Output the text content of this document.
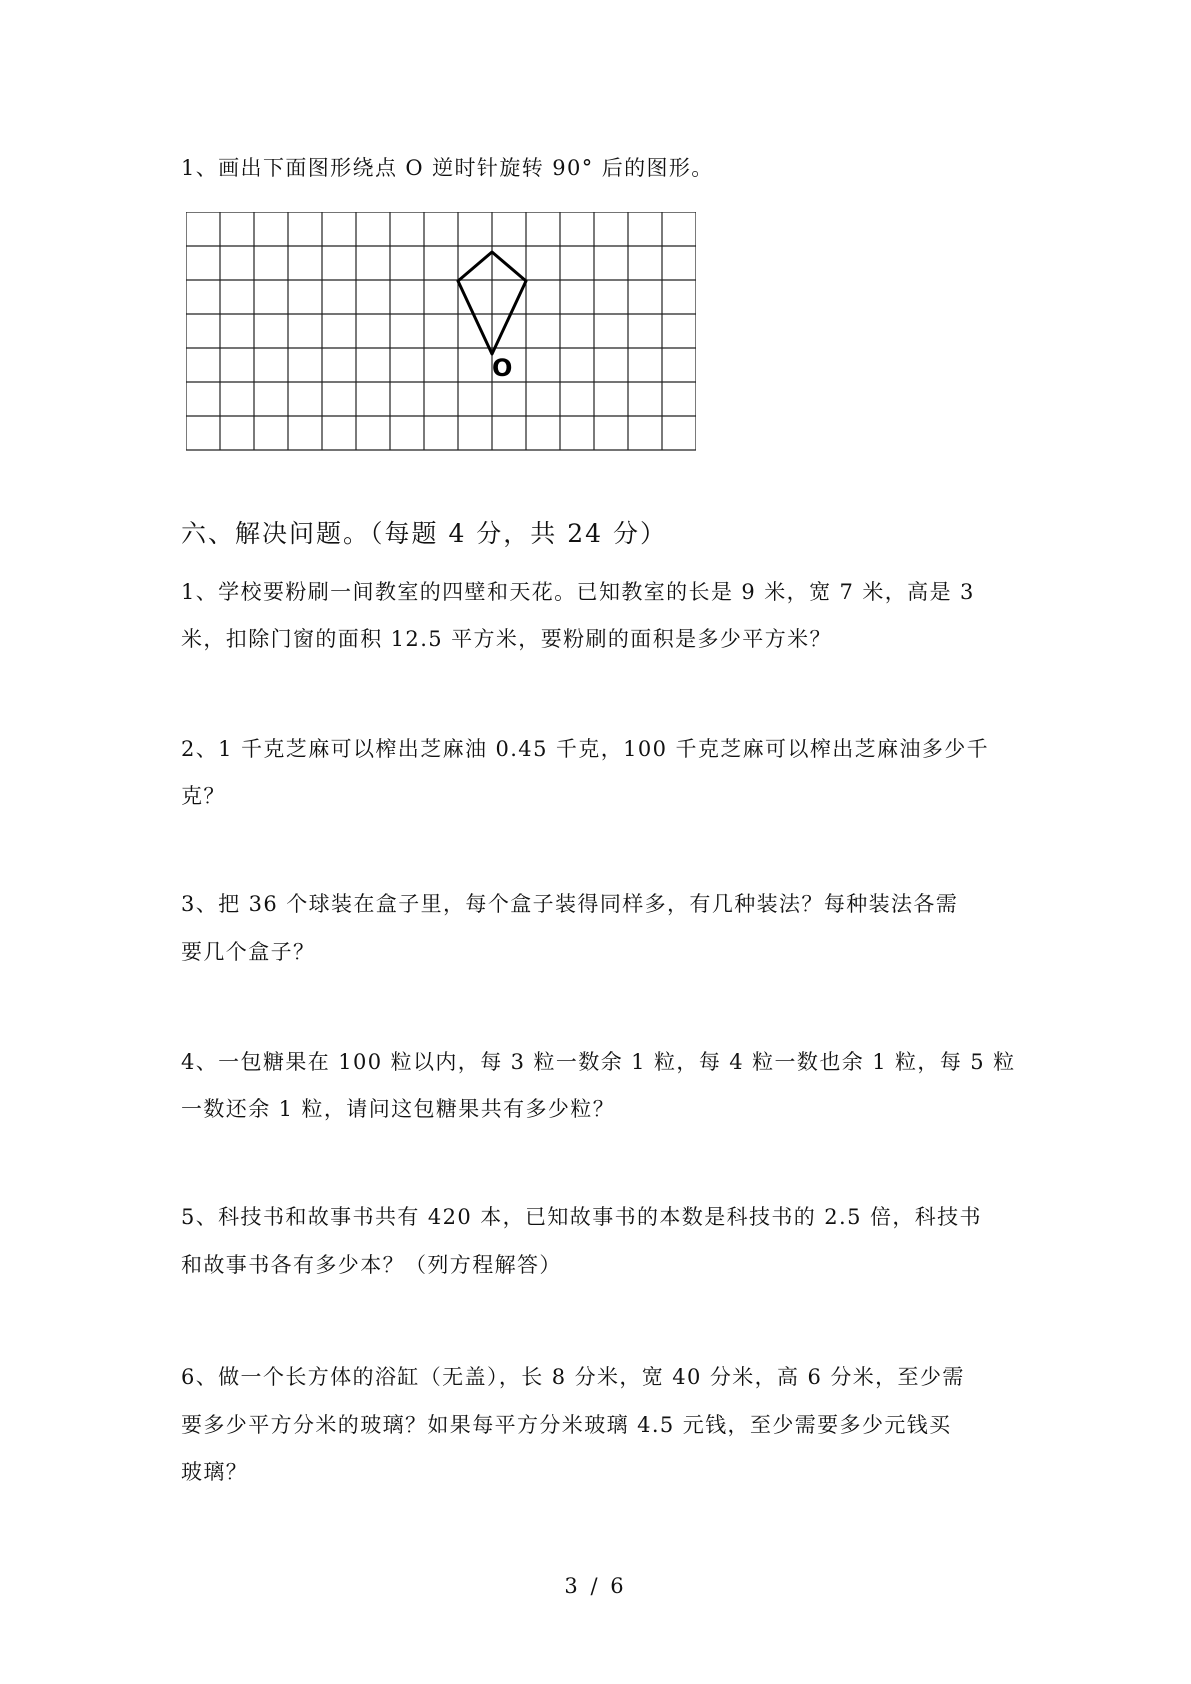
1、画出下面图形绕点 O 逆时针旋转 90° 后的图形。
O
六、解决问题。（每题 4 分，共 24 分）
1、学校要粉刷一间教室的四壁和天花。已知教室的长是 9 米，宽 7 米，高是 3
米，扣除门窗的面积 12.5 平方米，要粉刷的面积是多少平方米？
2、1 千克芝麻可以榨出芝麻油 0.45 千克，100 千克芝麻可以榨出芝麻油多少千
克？
3、把 36 个球装在盒子里，每个盒子装得同样多，有几种装法？每种装法各需
要几个盒子？
4、一包糖果在 100 粒以内，每 3 粒一数余 1 粒，每 4 粒一数也余 1 粒，每 5 粒
一数还余 1 粒，请问这包糖果共有多少粒？
5、科技书和故事书共有 420 本，已知故事书的本数是科技书的 2.5 倍，科技书
和故事书各有多少本？（列方程解答）
6、做一个长方体的浴缸（无盖），长 8 分米，宽 40 分米，高 6 分米，至少需
要多少平方分米的玻璃？如果每平方分米玻璃 4.5 元钱，至少需要多少元钱买
玻璃？
3 / 6
